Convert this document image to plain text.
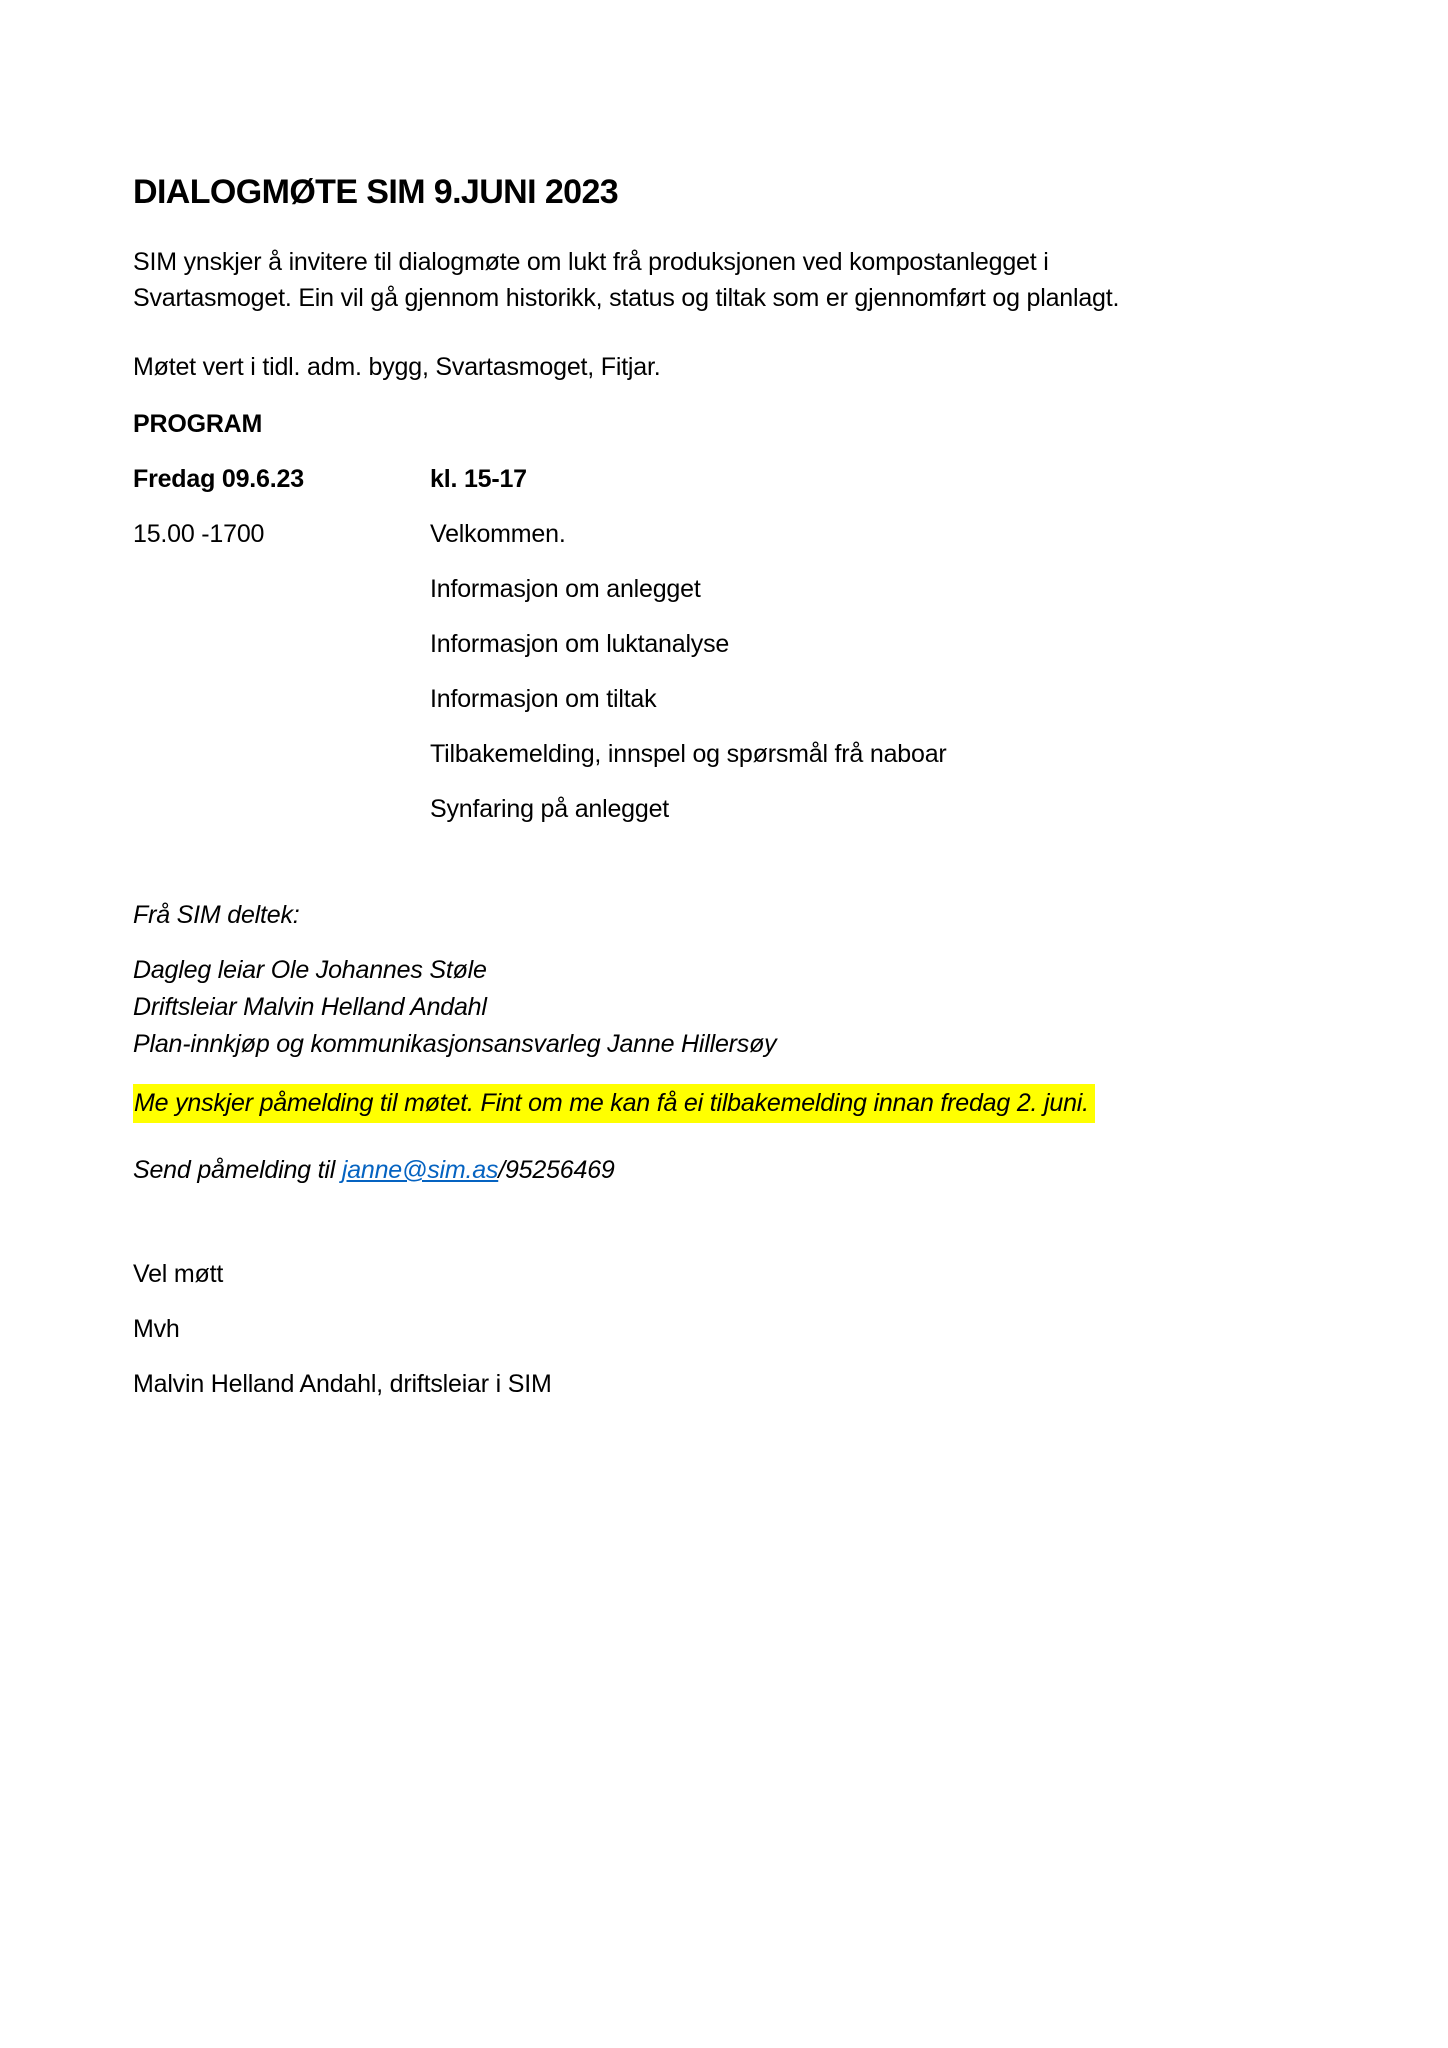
DIALOGMØTE SIM 9.JUNI 2023

SIM ynskjer å invitere til dialogmøte om lukt frå produksjonen ved kompostanlegget i
Svartasmoget. Ein vil gå gjennom historikk, status og tiltak som er gjennomført og planlagt.

Møtet vert i tidl. adm. bygg, Svartasmoget, Fitjar.

PROGRAM

Fredag 09.6.23	kl. 15-17
15.00 -1700	Velkommen.
Informasjon om anlegget
Informasjon om luktanalyse
Informasjon om tiltak
Tilbakemelding, innspel og spørsmål frå naboar
Synfaring på anlegget

Frå SIM deltek:

Dagleg leiar Ole Johannes Støle
Driftsleiar Malvin Helland Andahl
Plan-innkjøp og kommunikasjonsansvarleg Janne Hillersøy

Me ynskjer påmelding til møtet. Fint om me kan få ei tilbakemelding innan fredag 2. juni.

Send påmelding til janne@sim.as/95256469

Vel møtt

Mvh

Malvin Helland Andahl, driftsleiar i SIM
